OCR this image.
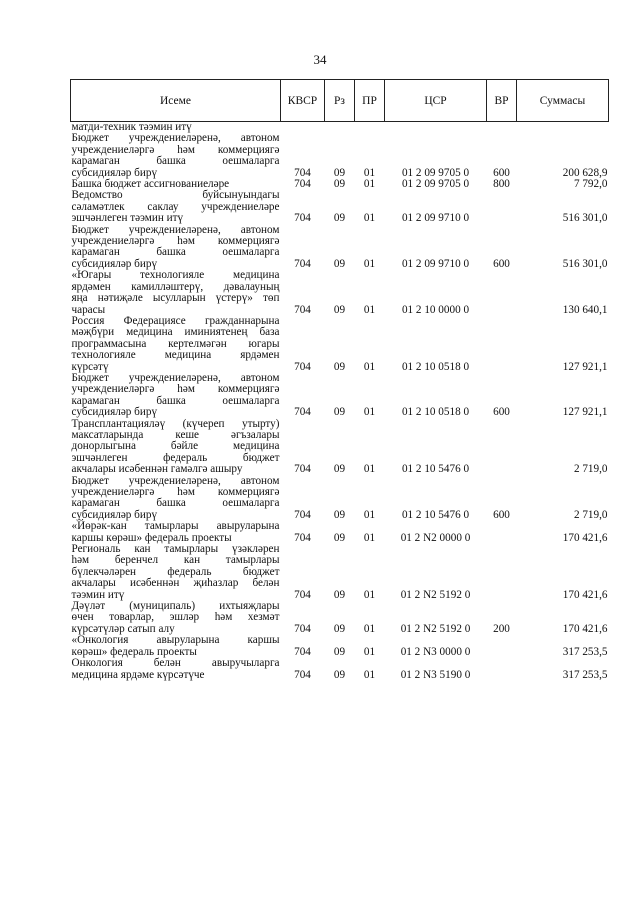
34
Исеме	КВСР	Рз	ПР	ЦСР	ВР	Суммасы

матди-техник тәэмин итү						

Бюджет учреждениеләренә, автоном
учреждениеләргә һәм коммерциягә
карамаган башка оешмаларга
субсидияләр бирү	704	09	01	01 2 09 9705 0	600	200 628,9

Башка бюджет ассигнованиеләре	704	09	01	01 2 09 9705 0	800	7 792,0

Ведомство буйсынуындагы
сәламәтлек саклау учреждениеләре
эшчәнлеген тәэмин итү	704	09	01	01 2 09 9710 0		516 301,0

Бюджет учреждениеләренә, автоном
учреждениеләргә һәм коммерциягә
карамаган башка оешмаларга
субсидияләр бирү	704	09	01	01 2 09 9710 0	600	516 301,0

«Югары технологияле медицина
ярдәмен камилләштерү, дәвалауның
яңа нәтиҗәле ысулларын үстерү» төп
чарасы	704	09	01	01 2 10 0000 0		130 640,1

Россия Федерациясе гражданнарына
мәҗбүри медицина иминиятенең база
программасына кертелмәгән югары
технологияле медицина ярдәмен
күрсәтү	704	09	01	01 2 10 0518 0		127 921,1

Бюджет учреждениеләренә, автоном
учреждениеләргә һәм коммерциягә
карамаган башка оешмаларга
субсидияләр бирү	704	09	01	01 2 10 0518 0	600	127 921,1

Трансплантацияләү (күчереп утырту)
максатларында кеше әгъзалары
донорлыгына бәйле медицина
эшчәнлеген федераль бюджет
акчалары исәбеннән гамәлгә ашыру	704	09	01	01 2 10 5476 0		2 719,0

Бюджет учреждениеләренә, автоном
учреждениеләргә һәм коммерциягә
карамаган башка оешмаларга
субсидияләр бирү	704	09	01	01 2 10 5476 0	600	2 719,0

«Йөрәк-кан тамырлары авыруларына
каршы көрәш» федераль проекты	704	09	01	01 2 N2 0000 0		170 421,6

Региональ кан тамырлары үзәкләрен
һәм беренчел кан тамырлары
бүлекчәләрен федераль бюджет
акчалары исәбеннән җиһазлар белән
тәэмин итү	704	09	01	01 2 N2 5192 0		170 421,6

Дәүләт (муниципаль) ихтыяҗлары
өчен товарлар, эшләр һәм хезмәт
күрсәтүләр сатып алу	704	09	01	01 2 N2 5192 0	200	170 421,6

«Онкология авыруларына каршы
көрәш» федераль проекты	704	09	01	01 2 N3 0000 0		317 253,5

Онкология белән авыручыларга
медицина ярдәме күрсәтүче	704	09	01	01 2 N3 5190 0		317 253,5
